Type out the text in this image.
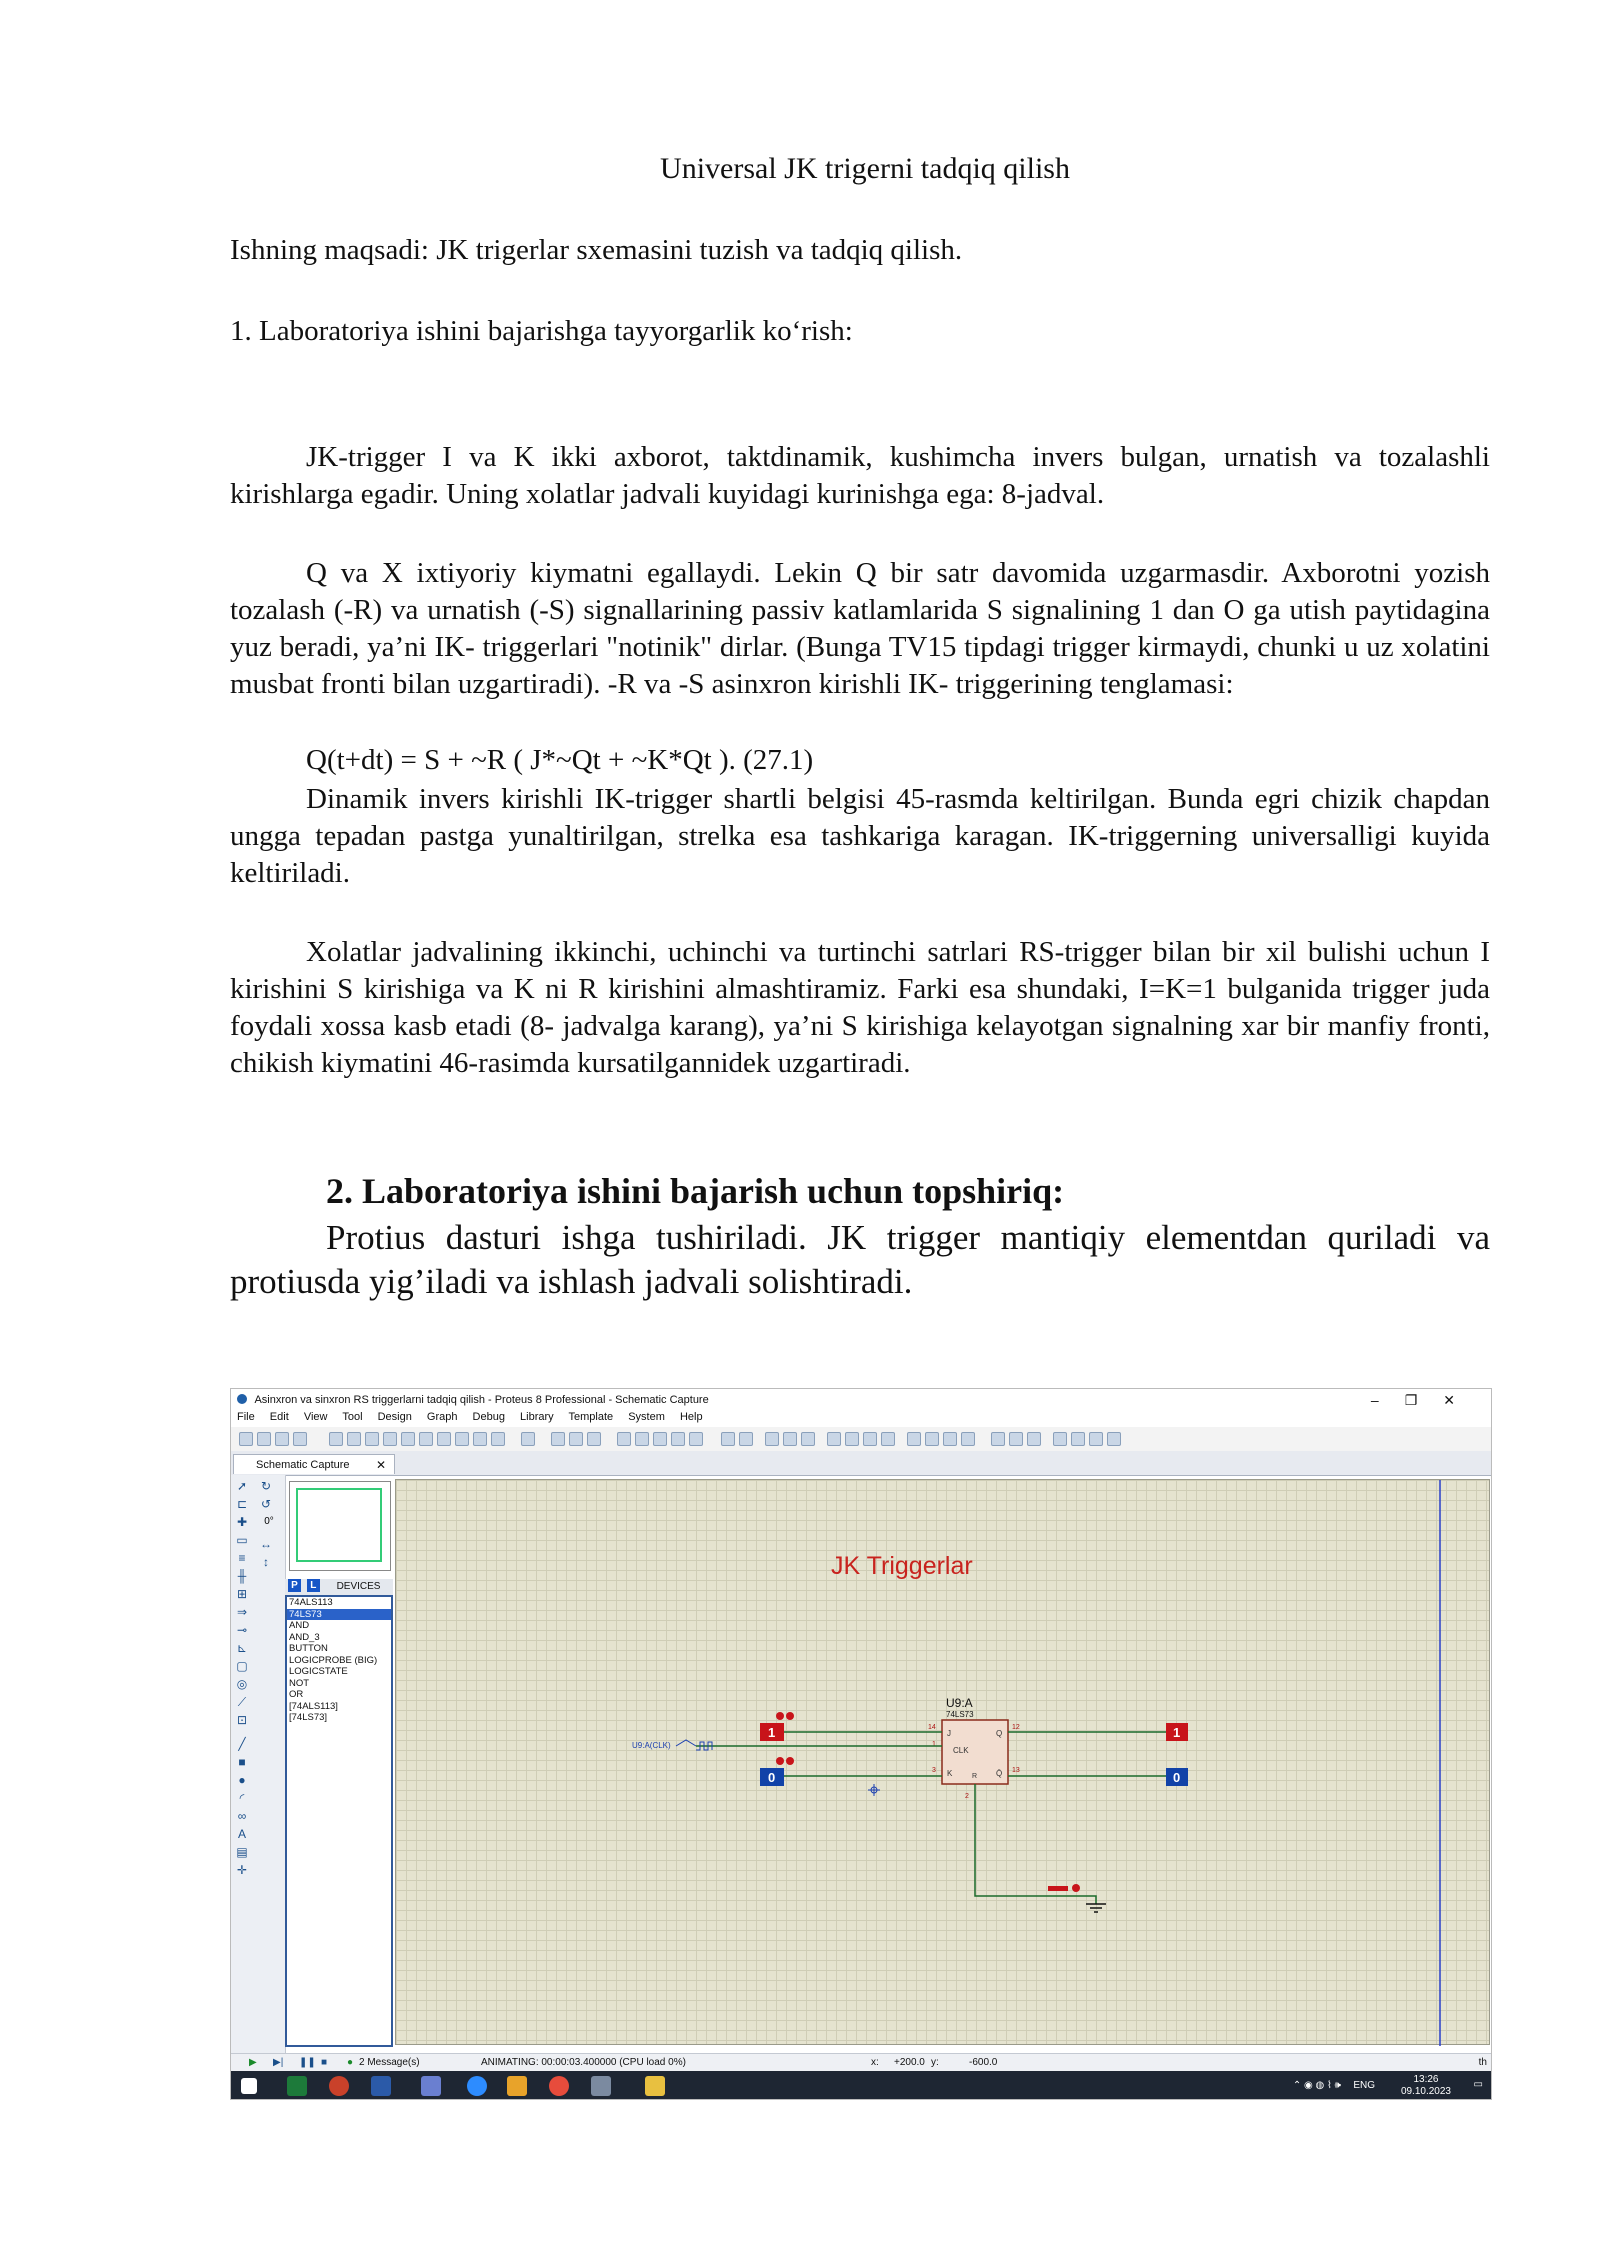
Universal JK trigerni tadqiq qilish

Ishning maqsadi: JK trigerlar sxemasini tuzish va tadqiq qilish.

1. Laboratoriya ishini bajarishga tayyorgarlik ko‘rish:

JK-trigger I va K ikki axborot, taktdinamik, kushimcha invers bulgan, urnatish va tozalashli kirishlarga egadir. Uning xolatlar jadvali kuyidagi kurinishga ega: 8-jadval.

Q va X ixtiyoriy kiymatni egallaydi. Lekin Q bir satr davomida uzgarmasdir. Axborotni yozish tozalash (-R) va urnatish (-S) signallarining passiv katlamlarida S signalining 1 dan O ga utish paytidagina yuz beradi, ya’ni IK- triggerlari "notinik" dirlar. (Bunga TV15 tipdagi trigger kirmaydi, chunki u uz xolatini musbat fronti bilan uzgartiradi). -R va -S asinxron kirishli IK- triggerining tenglamasi:

Q(t+dt) = S + ~R ( J*~Qt + ~K*Qt ). (27.1)

Dinamik invers kirishli IK-trigger shartli belgisi 45-rasmda keltirilgan. Bunda egri chizik chapdan ungga tepadan pastga yunaltirilgan, strelka esa tashkariga karagan. IK-triggerning universalligi kuyida keltiriladi.

Xolatlar jadvalining ikkinchi, uchinchi va turtinchi satrlari RS-trigger bilan bir xil bulishi uchun I kirishini S kirishiga va K ni R kirishini almashtiramiz. Farki esa shundaki, I=K=1 bulganida trigger juda foydali xossa kasb etadi (8- jadvalga karang), ya’ni S kirishiga kelayotgan signalning xar bir manfiy fronti, chikish kiymatini 46-rasimda kursatilgannidek uzgartiradi.

2. Laboratoriya ishini bajarish uchun topshiriq:

Protius dasturi ishga tushiriladi. JK trigger mantiqiy elementdan quriladi va protiusda yig’iladi va ishlash jadvali solishtiradi.

Asinxron va sinxron RS triggerlarni tadqiq qilish - Proteus 8 Professional - Schematic Capture	–❐✕
File Edit View Tool Design Graph Debug Library Template System Help
Schematic Capture ✕
➚
⊏
✚
▭
≡
╫
⊞
⇒
⊸
⊾
▢
◎
⟋
⊡
╱
■
●
◜
∞
A
▤
✛
↻
↺
0°
↔
↕
P L DEVICES
74ALS113
74LS73
AND
AND_3
BUTTON
LOGICPROBE (BIG)
LOGICSTATE
NOT
OR
[74ALS113]
[74LS73]
JK Triggerlar
U9:A
74LS73
J
CLK
K
Q
Q̄
R
14
1
3
12
13
2
U9:A(CLK)
1
0
1
0
▶ ▶| ❚❚ ■ ● 2 Message(s)	ANIMATING: 00:00:03.400000 (CPU load 0%)	x: +200.0 y:	-600.0	th
⌃ ◉ ◍ ⌇ 🕪 ENG
13:26
09.10.2023
▭
